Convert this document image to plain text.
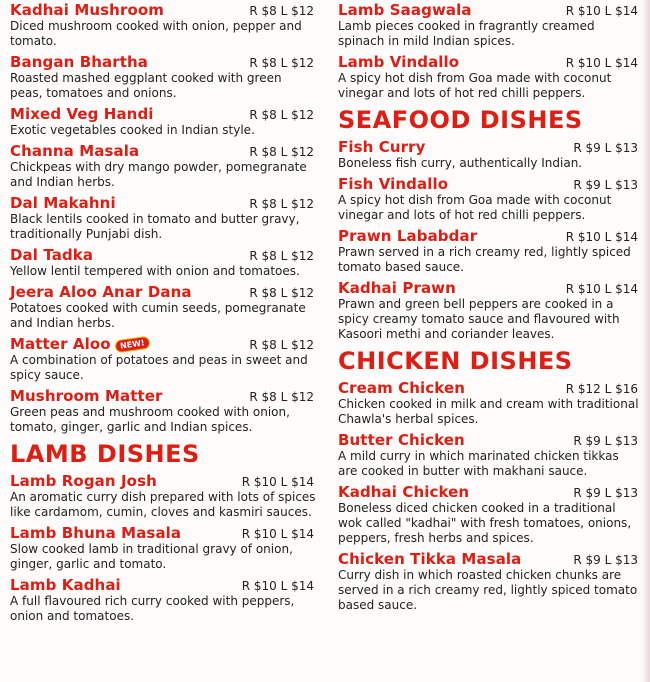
Kadhai Mushroom	R $8 L $12
Diced mushroom cooked with onion, pepper and tomato.
Bangan Bhartha	R $8 L $12
Roasted mashed eggplant cooked with green peas, tomatoes and onions.
Mixed Veg Handi	R $8 L $12
Exotic vegetables cooked in Indian style.
Channa Masala	R $8 L $12
Chickpeas with dry mango powder, pomegranate and Indian herbs.
Dal Makahni	R $8 L $12
Black lentils cooked in tomato and butter gravy, traditionally Punjabi dish.
Dal Tadka	R $8 L $12
Yellow lentil tempered with onion and tomatoes.
Jeera Aloo Anar Dana	R $8 L $12
Potatoes cooked with cumin seeds, pomegranate and Indian herbs.
Matter Aloo NEW!	R $8 L $12
A combination of potatoes and peas in sweet and spicy sauce.
Mushroom Matter	R $8 L $12
Green peas and mushroom cooked with onion, tomato, ginger, garlic and Indian spices.
LAMB DISHES
Lamb Rogan Josh	R $10 L $14
An aromatic curry dish prepared with lots of spices like cardamom, cumin, cloves and kasmiri sauces.
Lamb Bhuna Masala	R $10 L $14
Slow cooked lamb in traditional gravy of onion, ginger, garlic and tomato.
Lamb Kadhai	R $10 L $14
A full flavoured rich curry cooked with peppers, onion and tomatoes.
Lamb Saagwala	R $10 L $14
Lamb pieces cooked in fragrantly creamed spinach in mild Indian spices.
Lamb Vindallo	R $10 L $14
A spicy hot dish from Goa made with coconut vinegar and lots of hot red chilli peppers.
SEAFOOD DISHES
Fish Curry	R $9 L $13
Boneless fish curry, authentically Indian.
Fish Vindallo	R $9 L $13
A spicy hot dish from Goa made with coconut vinegar and lots of hot red chilli peppers.
Prawn Lababdar	R $10 L $14
Prawn served in a rich creamy red, lightly spiced tomato based sauce.
Kadhai Prawn	R $10 L $14
Prawn and green bell peppers are cooked in a spicy creamy tomato sauce and flavoured with Kasoori methi and coriander leaves.
CHICKEN DISHES
Cream Chicken	R $12 L $16
Chicken cooked in milk and cream with traditional Chawla's herbal spices.
Butter Chicken	R $9 L $13
A mild curry in which marinated chicken tikkas are cooked in butter with makhani sauce.
Kadhai Chicken	R $9 L $13
Boneless diced chicken cooked in a traditional wok called "kadhai" with fresh tomatoes, onions, peppers, fresh herbs and spices.
Chicken Tikka Masala	R $9 L $13
Curry dish in which roasted chicken chunks are served in a rich creamy red, lightly spiced tomato based sauce.
